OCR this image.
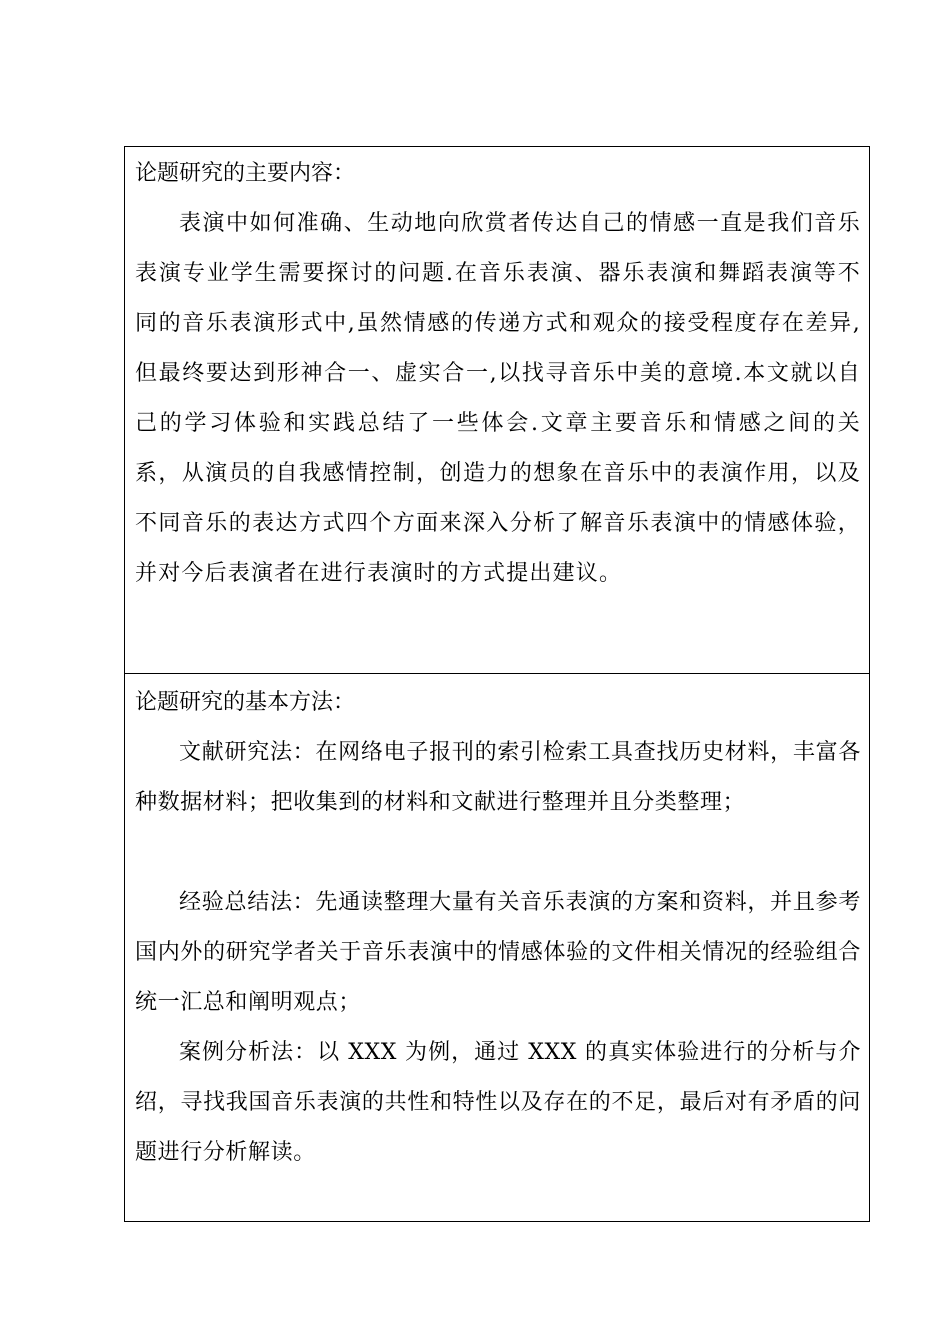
论题研究的主要内容：

表演中如何准确、生动地向欣赏者传达自己的情感一直是我们音乐表演专业学生需要探讨的问题.在音乐表演、器乐表演和舞蹈表演等不同的音乐表演形式中,虽然情感的传递方式和观众的接受程度存在差异,但最终要达到形神合一、虚实合一,以找寻音乐中美的意境.本文就以自己的学习体验和实践总结了一些体会.文章主要音乐和情感之间的关系，从演员的自我感情控制，创造力的想象在音乐中的表演作用，以及不同音乐的表达方式四个方面来深入分析了解音乐表演中的情感体验，并对今后表演者在进行表演时的方式提出建议。

论题研究的基本方法：

文献研究法：在网络电子报刊的索引检索工具查找历史材料，丰富各种数据材料；把收集到的材料和文献进行整理并且分类整理；

经验总结法：先通读整理大量有关音乐表演的方案和资料，并且参考国内外的研究学者关于音乐表演中的情感体验的文件相关情况的经验组合统一汇总和阐明观点；

案例分析法：以 XXX 为例，通过 XXX 的真实体验进行的分析与介绍，寻找我国音乐表演的共性和特性以及存在的不足，最后对有矛盾的问题进行分析解读。
